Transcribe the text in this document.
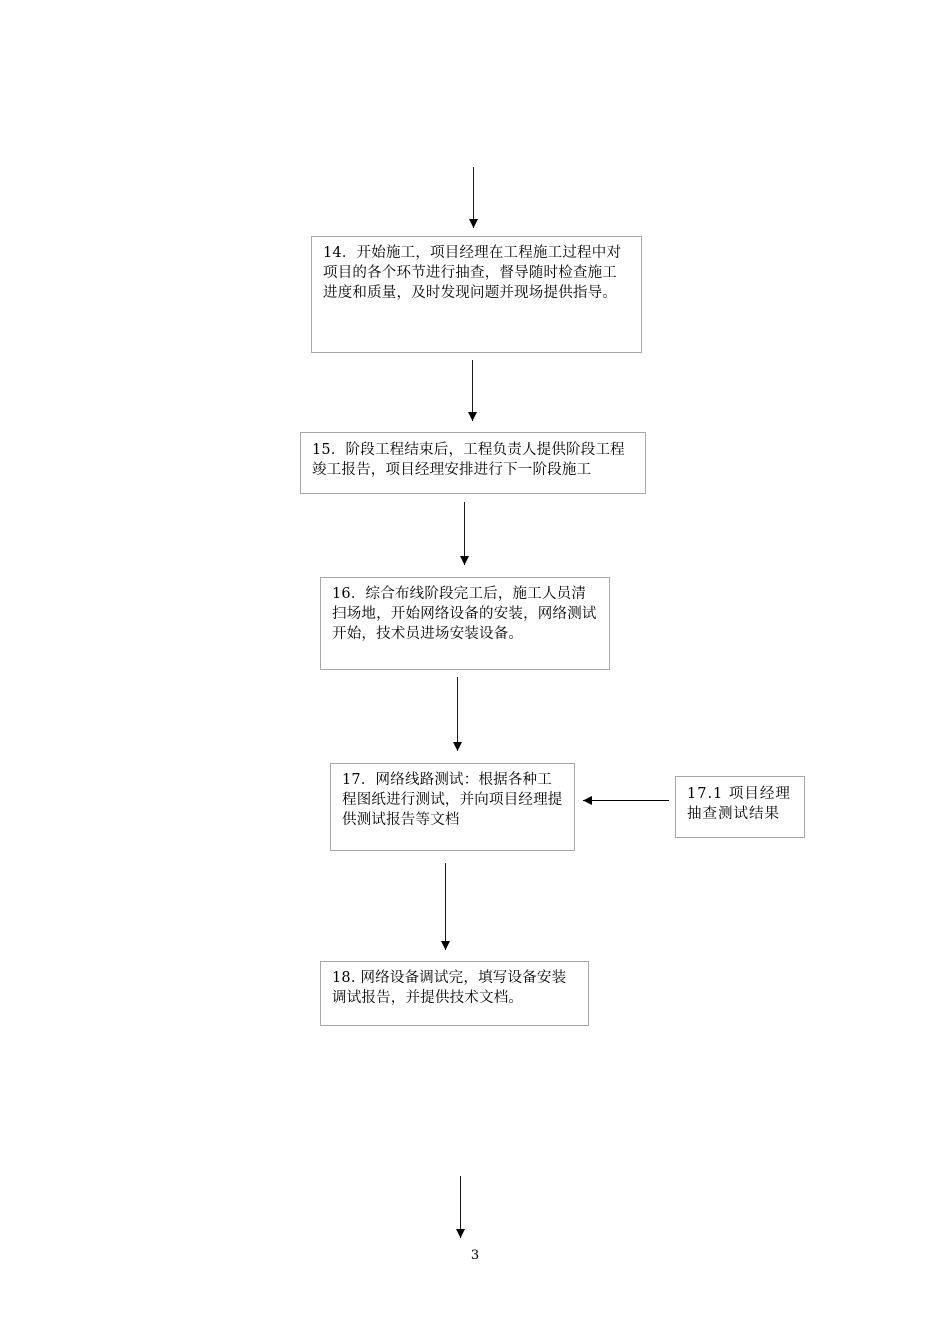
14．开始施工，项目经理在工程施工过程中对项目的各个环节进行抽查，督导随时检查施工进度和质量，及时发现问题并现场提供指导。
15．阶段工程结束后，工程负责人提供阶段工程竣工报告，项目经理安排进行下一阶段施工
16．综合布线阶段完工后，施工人员清扫场地，开始网络设备的安装，网络测试开始，技术员进场安装设备。
17．网络线路测试：根据各种工程图纸进行测试，并向项目经理提供测试报告等文档
17.1 项目经理抽查测试结果
18. 网络设备调试完，填写设备安装调试报告，并提供技术文档。
3
